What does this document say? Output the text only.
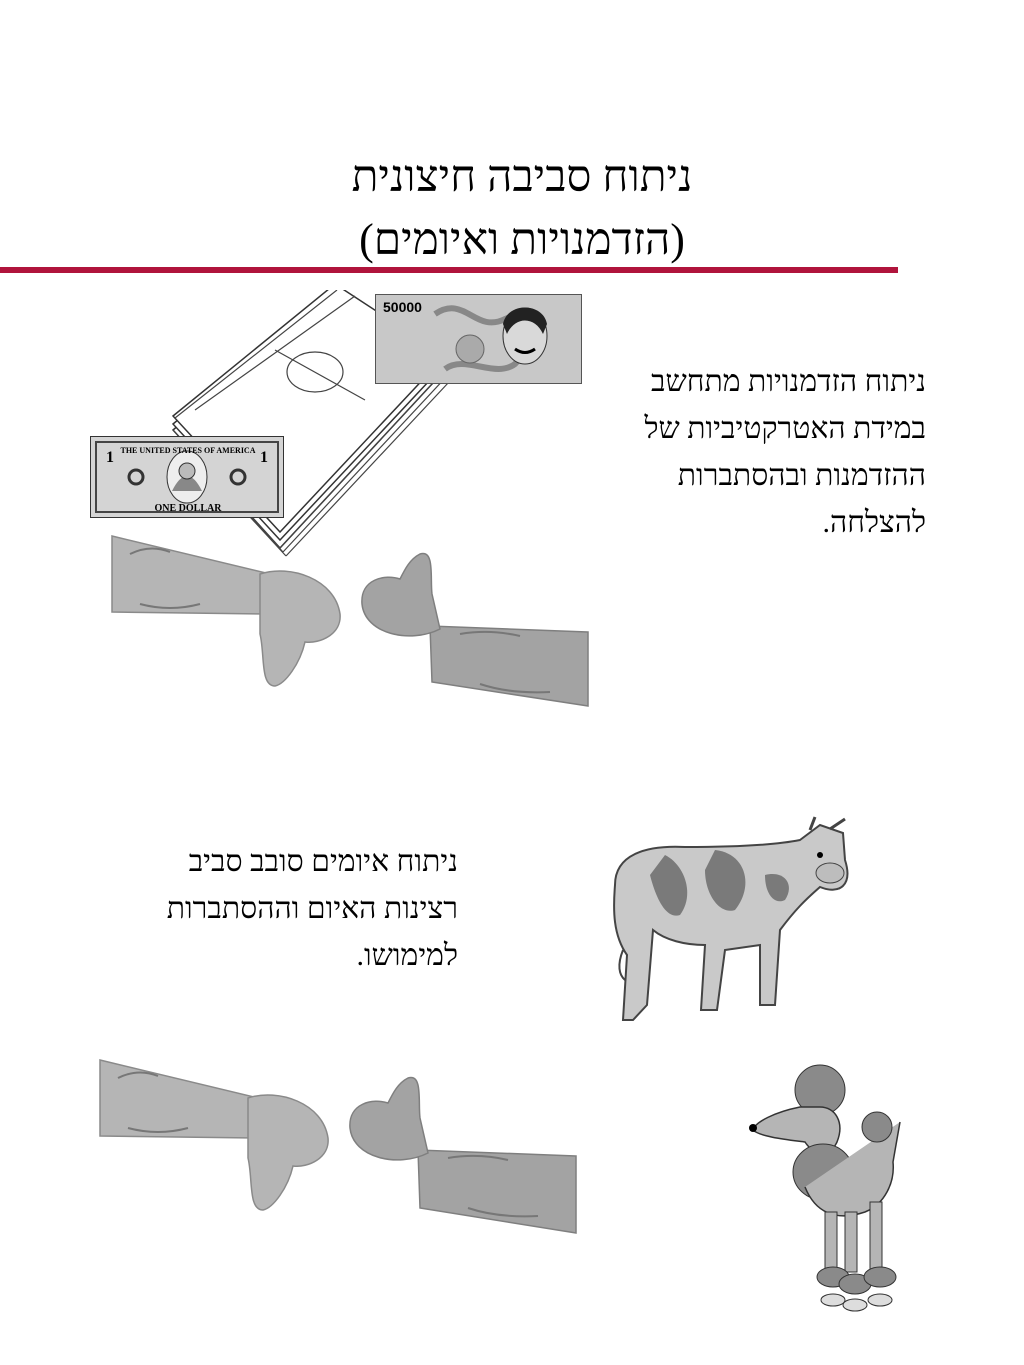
ניתוח סביבה חיצונית
(הזדמנויות ואיומים)
ניתוח הזדמנויות מתחשב
במידת האטרקטיביות של
ההזדמנות ובהסתברות
להצלחה.
ניתוח איומים סובב סביב
רצינות האיום וההסתברות
למימושו.
50000
THE UNITED STATES OF AMERICA
ONE DOLLAR
1	1
